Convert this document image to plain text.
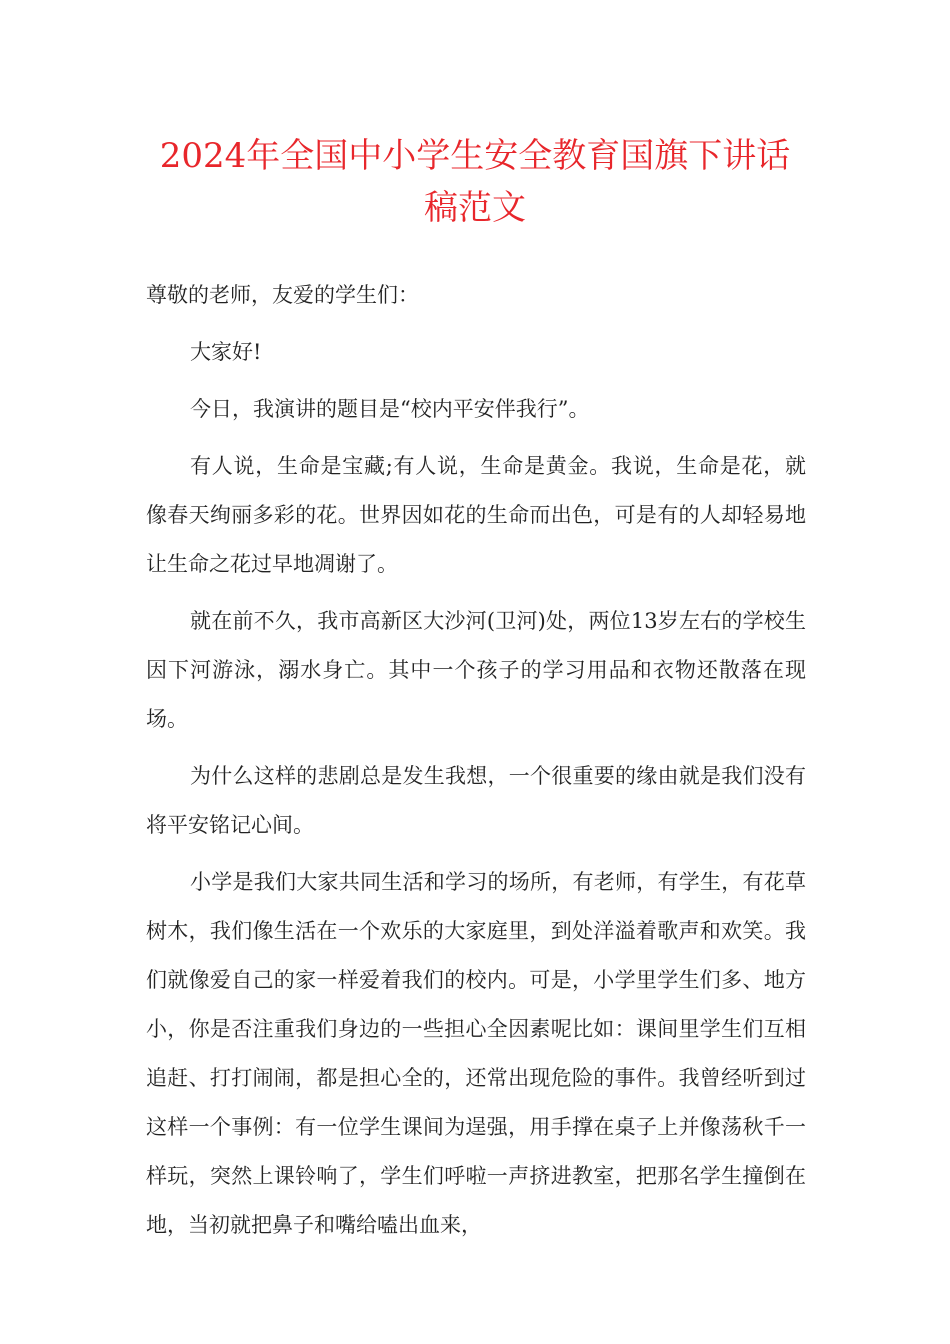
2024年全国中小学生安全教育国旗下讲话
稿范文

尊敬的老师，友爱的学生们：

大家好!

今日，我演讲的题目是“校内平安伴我行”。

有人说，生命是宝藏;有人说，生命是黄金。我说，生命是花，就像春天绚丽多彩的花。世界因如花的生命而出色，可是有的人却轻易地让生命之花过早地凋谢了。

就在前不久，我市高新区大沙河(卫河)处，两位13岁左右的学校生因下河游泳，溺水身亡。其中一个孩子的学习用品和衣物还散落在现场。

为什么这样的悲剧总是发生我想，一个很重要的缘由就是我们没有将平安铭记心间。

小学是我们大家共同生活和学习的场所，有老师，有学生，有花草树木，我们像生活在一个欢乐的大家庭里，到处洋溢着歌声和欢笑。我们就像爱自己的家一样爱着我们的校内。可是，小学里学生们多、地方小，你是否注重我们身边的一些担心全因素呢比如：课间里学生们互相追赶、打打闹闹，都是担心全的，还常出现危险的事件。我曾经听到过这样一个事例：有一位学生课间为逞强，用手撑在桌子上并像荡秋千一样玩，突然上课铃响了，学生们呼啦一声挤进教室，把那名学生撞倒在地，当初就把鼻子和嘴给嗑出血来，
